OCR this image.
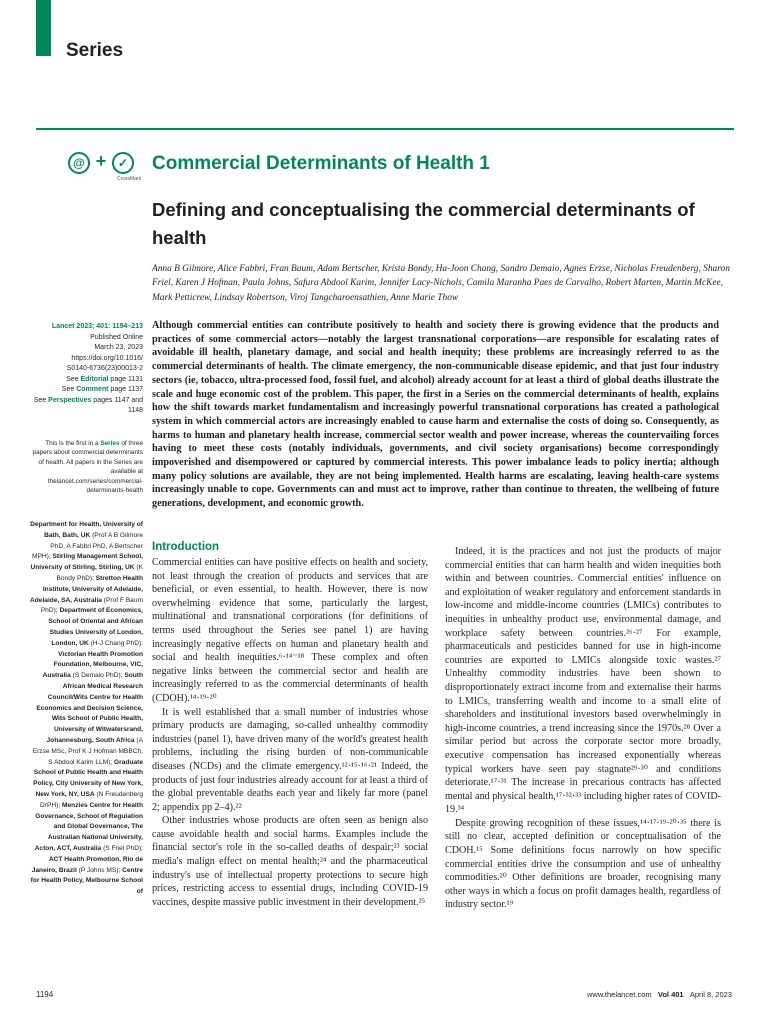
Series
@ + ✓
CrossMark
Commercial Determinants of Health 1
Defining and conceptualising the commercial determinants of health

Anna B Gilmore, Alice Fabbri, Fran Baum, Adam Bertscher, Krista Bondy, Ha-Joon Chang, Sandro Demaio, Agnes Erzse, Nicholas Freudenberg, Sharon Friel, Karen J Hofman, Paula Johns, Safura Abdool Karim, Jennifer Lacy-Nichols, Camila Maranha Paes de Carvalho, Robert Marten, Martin McKee, Mark Petticrew, Lindsay Robertson, Viroj Tangcharoensathien, Anne Marie Thow

Lancet 2023; 401: 1194–213
Published Online
March 23, 2023
https://doi.org/10.1016/
S0140-6736(23)00013-2
See Editorial page 1131
See Comment page 1137
See Perspectives pages 1147 and 1148
This is the first in a Series of three papers about commercial determinants of health. All papers in the Series are available at thelancet.com/series/commercial-determinants-health
Department for Health, University of Bath, Bath, UK (Prof A B Gilmore PhD, A Fabbri PhD, A Bertscher MPH); Stirling Management School, University of Stirling, Stirling, UK (K Bondy PhD); Stretton Health Institute, University of Adelaide, Adelaide, SA, Australia (Prof F Baum PhD); Department of Economics, School of Oriental and African Studies University of London, London, UK (H-J Chang PhD); Victorian Health Promotion Foundation, Melbourne, VIC, Australia (S Demaio PhD); South African Medical Research Council/Wits Centre for Health Economics and Decision Science, Wits School of Public Health, University of Witwatersrand, Johannesburg, South Africa (A Erzse MSc, Prof K J Hofman MBBCh, S Abdool Karim LLM); Graduate School of Public Health and Health Policy, City University of New York, New York, NY, USA (N Freudenberg DrPH); Menzies Centre for Health Governance, School of Regulation and Global Governance, The Australian National University, Acton, ACT, Australia (S Friel PhD); ACT Health Promotion, Rio de Janeiro, Brazil (P Johns MS); Centre for Health Policy, Melbourne School of

Although commercial entities can contribute positively to health and society there is growing evidence that the products and practices of some commercial actors—notably the largest transnational corporations—are responsible for escalating rates of avoidable ill health, planetary damage, and social and health inequity; these problems are increasingly referred to as the commercial determinants of health. The climate emergency, the non-communicable disease epidemic, and that just four industry sectors (ie, tobacco, ultra-processed food, fossil fuel, and alcohol) already account for at least a third of global deaths illustrate the scale and huge economic cost of the problem. This paper, the first in a Series on the commercial determinants of health, explains how the shift towards market fundamentalism and increasingly powerful transnational corporations has created a pathological system in which commercial actors are increasingly enabled to cause harm and externalise the costs of doing so. Consequently, as harms to human and planetary health increase, commercial sector wealth and power increase, whereas the countervailing forces having to meet these costs (notably individuals, governments, and civil society organisations) become correspondingly impoverished and disempowered or captured by commercial interests. This power imbalance leads to policy inertia; although many policy solutions are available, they are not being implemented. Health harms are escalating, leaving health-care systems increasingly unable to cope. Governments can and must act to improve, rather than continue to threaten, the wellbeing of future generations, development, and economic growth.

Introduction

Commercial entities can have positive effects on health and society, not least through the creation of products and services that are beneficial, or even essential, to health. However, there is now overwhelming evidence that some, particularly the largest, multinational and transnational corporations (for definitions of terms used throughout the Series see panel 1) are having increasingly negative effects on human and planetary health and social and health inequities.⁶·¹⁴⁻¹⁸ These complex and often negative links between the commercial sector and health are increasingly referred to as the commercial determinants of health (CDOH).¹⁴·¹⁹·²⁰

It is well established that a small number of industries whose primary products are damaging, so-called unhealthy commodity industries (panel 1), have driven many of the world's greatest health problems, including the rising burden of non-communicable diseases (NCDs) and the climate emergency.¹²·¹⁵·¹⁶·²¹ Indeed, the products of just four industries already account for at least a third of the global preventable deaths each year and likely far more (panel 2; appendix pp 2–4).²²

Other industries whose products are often seen as benign also cause avoidable health and social harms. Examples include the financial sector's role in the so-called deaths of despair;²³ social media's malign effect on mental health;²⁴ and the pharmaceutical industry's use of intellectual property protections to secure high prices, restricting access to essential drugs, including COVID-19 vaccines, despite massive public investment in their development.²⁵

Indeed, it is the practices and not just the products of major commercial entities that can harm health and widen inequities both within and between countries. Commercial entities' influence on and exploitation of weaker regulatory and enforcement standards in low-income and middle-income countries (LMICs) contributes to inequities in unhealthy product use, environmental damage, and workplace safety between countries.²⁶·²⁷ For example, pharmaceuticals and pesticides banned for use in high-income countries are exported to LMICs alongside toxic wastes.²⁷ Unhealthy commodity industries have been shown to disproportionately extract income from and externalise their harms to LMICs, transferring wealth and income to a small elite of shareholders and institutional investors based overwhelmingly in high-income countries, a trend increasing since the 1970s.²⁸ Over a similar period but across the corporate sector more broadly, executive compensation has increased exponentially whereas typical workers have seen pay stagnate²⁹·³⁰ and conditions deteriorate.¹⁷·³¹ The increase in precarious contracts has affected mental and physical health,¹⁷·³²·³³ including higher rates of COVID-19.³⁴

Despite growing recognition of these issues,¹⁴·¹⁷·¹⁹·²⁰·³⁵ there is still no clear, accepted definition or conceptualisation of the CDOH.¹⁵ Some definitions focus narrowly on how specific commercial entities drive the consumption and use of unhealthy commodities.²⁰ Other definitions are broader, recognising many other ways in which a focus on profit damages health, regardless of industry sector.¹⁹

1194	www.thelancet.com Vol 401 April 8, 2023
